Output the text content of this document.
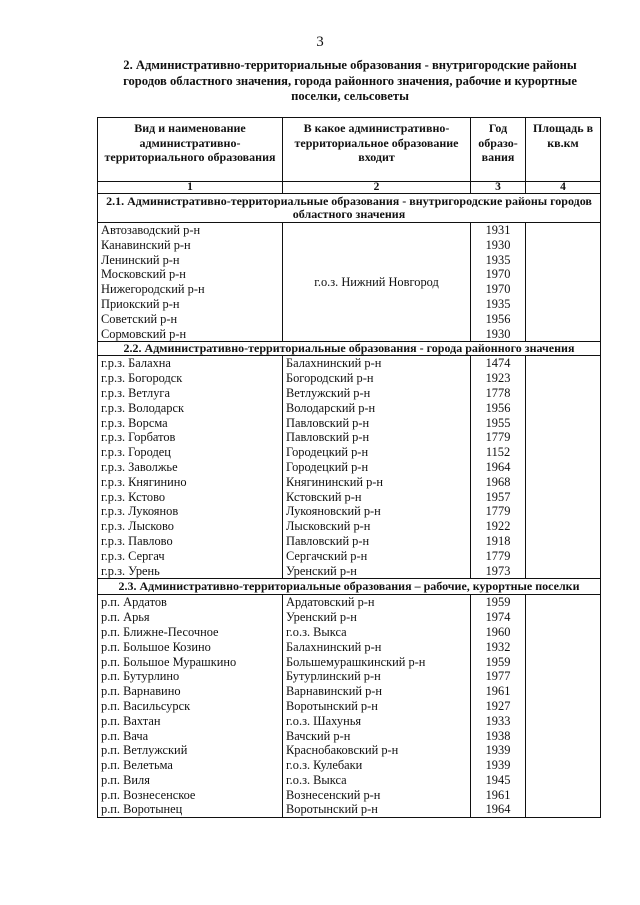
3
2. Административно-территориальные образования - внутригородские районы городов областного значения, города районного значения, рабочие и курортные поселки, сельсоветы
Вид и наименование административно-территориального образования	В какое административно-территориальное образование входит	Год образо-вания	Площадь в кв.км
1	2	3	4
2.1. Административно-территориальные образования - внутригородские районы городов областного значения			
Автозаводский р-н	г.о.з. Нижний Новгород	1931	
Канавинский р-н		1930	
Ленинский р-н		1935	
Московский р-н		1970	
Нижегородский р-н		1970	
Приокский р-н		1935	
Советский р-н		1956	
Сормовский р-н		1930	
2.2. Административно-территориальные образования - города районного значения			
г.р.з. Балахна	Балахнинский р-н	1474	
г.р.з. Богородск	Богородский р-н	1923	
г.р.з. Ветлуга	Ветлужский р-н	1778	
г.р.з. Володарск	Володарский р-н	1956	
г.р.з. Ворсма	Павловский р-н	1955	
г.р.з. Горбатов	Павловский р-н	1779	
г.р.з. Городец	Городецкий р-н	1152	
г.р.з. Заволжье	Городецкий р-н	1964	
г.р.з. Княгинино	Княгининский р-н	1968	
г.р.з. Кстово	Кстовский р-н	1957	
г.р.з. Лукоянов	Лукояновский р-н	1779	
г.р.з. Лысково	Лысковский р-н	1922	
г.р.з. Павлово	Павловский р-н	1918	
г.р.з. Сергач	Сергачский р-н	1779	
г.р.з. Урень	Уренский р-н	1973	
2.3. Административно-территориальные образования – рабочие, курортные поселки			
р.п. Ардатов	Ардатовский р-н	1959	
р.п. Арья	Уренский р-н	1974	
р.п. Ближне-Песочное	г.о.з. Выкса	1960	
р.п. Большое Козино	Балахнинский р-н	1932	
р.п. Большое Мурашкино	Большемурашкинский р-н	1959	
р.п. Бутурлино	Бутурлинский р-н	1977	
р.п. Варнавино	Варнавинский р-н	1961	
р.п. Васильсурск	Воротынский р-н	1927	
р.п. Вахтан	г.о.з. Шахунья	1933	
р.п. Вача	Вачский р-н	1938	
р.п. Ветлужский	Краснобаковский р-н	1939	
р.п. Велетьма	г.о.з. Кулебаки	1939	
р.п. Виля	г.о.з. Выкса	1945	
р.п. Вознесенское	Вознесенский р-н	1961	
р.п. Воротынец	Воротынский р-н	1964	
